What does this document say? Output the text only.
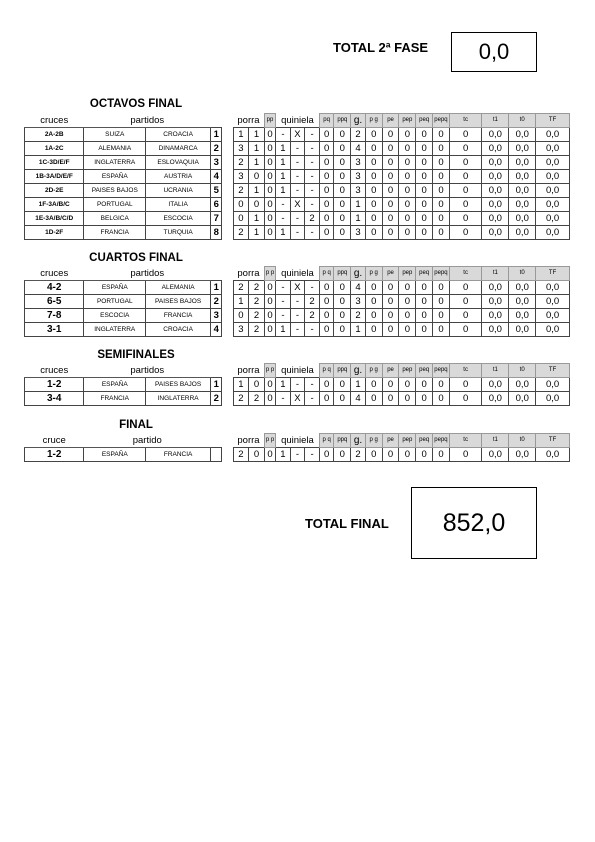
TOTAL 2ª FASE	0,0
OCTAVOS FINAL
cruces	partidos				porra		pp	quiniela			pq	ppq	g.	p g	pe	pep	peq	pepq	tc	t1	t0	TF
2A-2B	SUIZA	CROACIA	1		1	1	0	-	X	-	0	0	2	0	0	0	0	0	0	0,0	0,0	0,0
1A-2C	ALEMANIA	DINAMARCA	2		3	1	0	1	-	-	0	0	4	0	0	0	0	0	0	0,0	0,0	0,0
1C-3D/E/F	INGLATERRA	ESLOVAQUIA	3		2	1	0	1	-	-	0	0	3	0	0	0	0	0	0	0,0	0,0	0,0
1B-3A/D/E/F	ESPAÑA	AUSTRIA	4		3	0	0	1	-	-	0	0	3	0	0	0	0	0	0	0,0	0,0	0,0
2D-2E	PAISES BAJOS	UCRANIA	5		2	1	0	1	-	-	0	0	3	0	0	0	0	0	0	0,0	0,0	0,0
1F-3A/B/C	PORTUGAL	ITALIA	6		0	0	0	-	X	-	0	0	1	0	0	0	0	0	0	0,0	0,0	0,0
1E-3A/B/C/D	BELGICA	ESCOCIA	7		0	1	0	-	-	2	0	0	1	0	0	0	0	0	0	0,0	0,0	0,0
1D-2F	FRANCIA	TURQUIA	8		2	1	0	1	-	-	0	0	3	0	0	0	0	0	0	0,0	0,0	0,0
CUARTOS FINAL
cruces	partidos				porra		p p	quiniela			p q	ppq	g.	p g	pe	pep	peq	pepq	tc	t1	t0	TF
4-2	ESPAÑA	ALEMANIA	1		2	2	0	-	X	-	0	0	4	0	0	0	0	0	0	0,0	0,0	0,0
6-5	PORTUGAL	PAISES BAJOS	2		1	2	0	-	-	2	0	0	3	0	0	0	0	0	0	0,0	0,0	0,0
7-8	ESCOCIA	FRANCIA	3		0	2	0	-	-	2	0	0	2	0	0	0	0	0	0	0,0	0,0	0,0
3-1	INGLATERRA	CROACIA	4		3	2	0	1	-	-	0	0	1	0	0	0	0	0	0	0,0	0,0	0,0
SEMIFINALES
cruces	partidos				porra		p p	quiniela			p q	ppq	g.	p g	pe	pep	peq	pepq	tc	t1	t0	TF
1-2	ESPAÑA	PAISES BAJOS	1		1	0	0	1	-	-	0	0	1	0	0	0	0	0	0	0,0	0,0	0,0
3-4	FRANCIA	INGLATERRA	2		2	2	0	-	X	-	0	0	4	0	0	0	0	0	0	0,0	0,0	0,0
FINAL
cruce	partido				porra		p p	quiniela			p q	ppq	g.	p g	pe	pep	peq	pepq	tc	t1	t0	TF
1-2	ESPAÑA	FRANCIA			2	0	0	1	-	-	0	0	2	0	0	0	0	0	0	0,0	0,0	0,0
TOTAL FINAL	852,0
